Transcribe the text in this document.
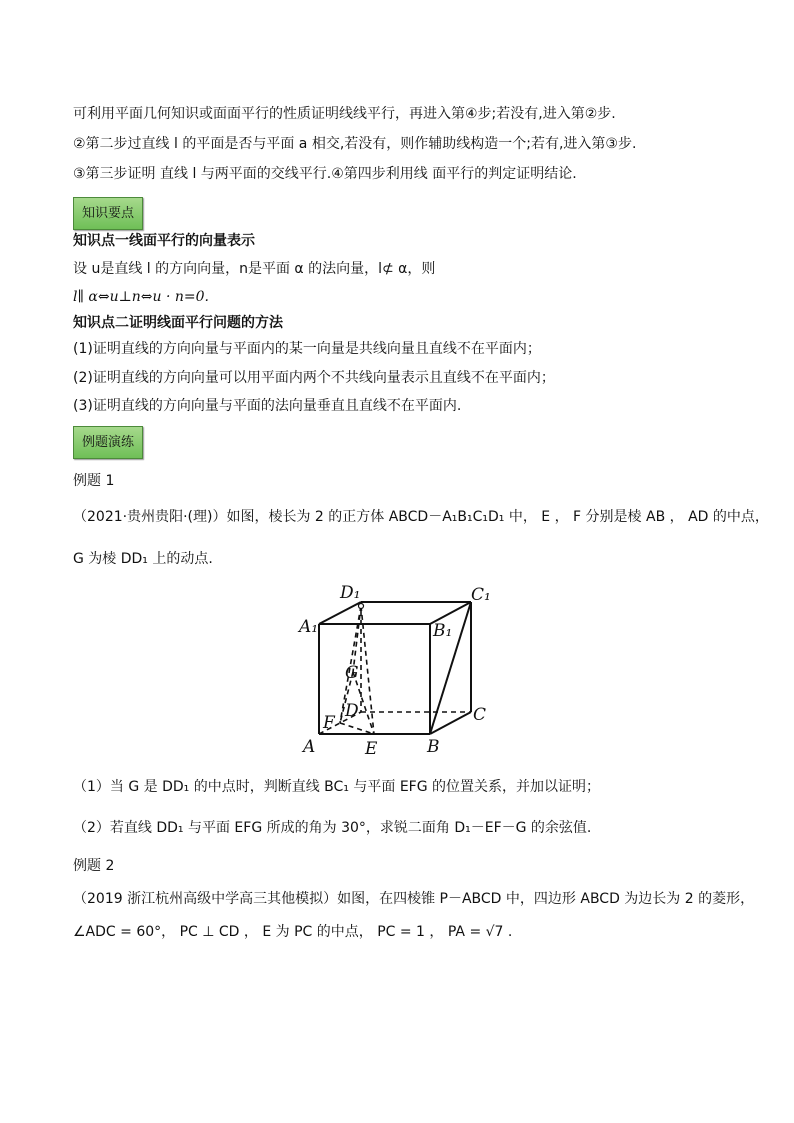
可利用平面几何知识或面面平行的性质证明线线平行，再进入第④步;若没有,进入第②步.
②第二步过直线 l 的平面是否与平面 a 相交,若没有，则作辅助线构造一个;若有,进入第③步.
③第三步证明 直线 l 与两平面的交线平行.④第四步利用线 面平行的判定证明结论.
知识要点
知识点一线面平行的向量表示
设 u是直线 l 的方向向量，n是平面 α 的法向量，l⊄ α，则
l∥ α⇔u⊥n⇔u · n=0.
知识点二证明线面平行问题的方法
(1)证明直线的方向向量与平面内的某一向量是共线向量且直线不在平面内；
(2)证明直线的方向向量可以用平面内两个不共线向量表示且直线不在平面内；
(3)证明直线的方向向量与平面的法向量垂直且直线不在平面内.
例题演练
例题 1
（2021·贵州贵阳·(理)）如图，棱长为 2 的正方体 ABCD－A₁B₁C₁D₁ 中， E ， F 分别是棱 AB ， AD 的中点，
G 为棱 DD₁ 上的动点.
D₁	C₁
A₁	B₁
G
D	C
F
A	E	B
（1）当 G 是 DD₁ 的中点时，判断直线 BC₁ 与平面 EFG 的位置关系，并加以证明；
（2）若直线 DD₁ 与平面 EFG 所成的角为 30°，求锐二面角 D₁－EF－G 的余弦值.
例题 2
（2019 浙江杭州高级中学高三其他模拟）如图，在四棱锥 P－ABCD 中，四边形 ABCD 为边长为 2 的菱形，
∠ADC = 60°， PC ⊥ CD ， E 为 PC 的中点， PC = 1 ， PA = √7 .
